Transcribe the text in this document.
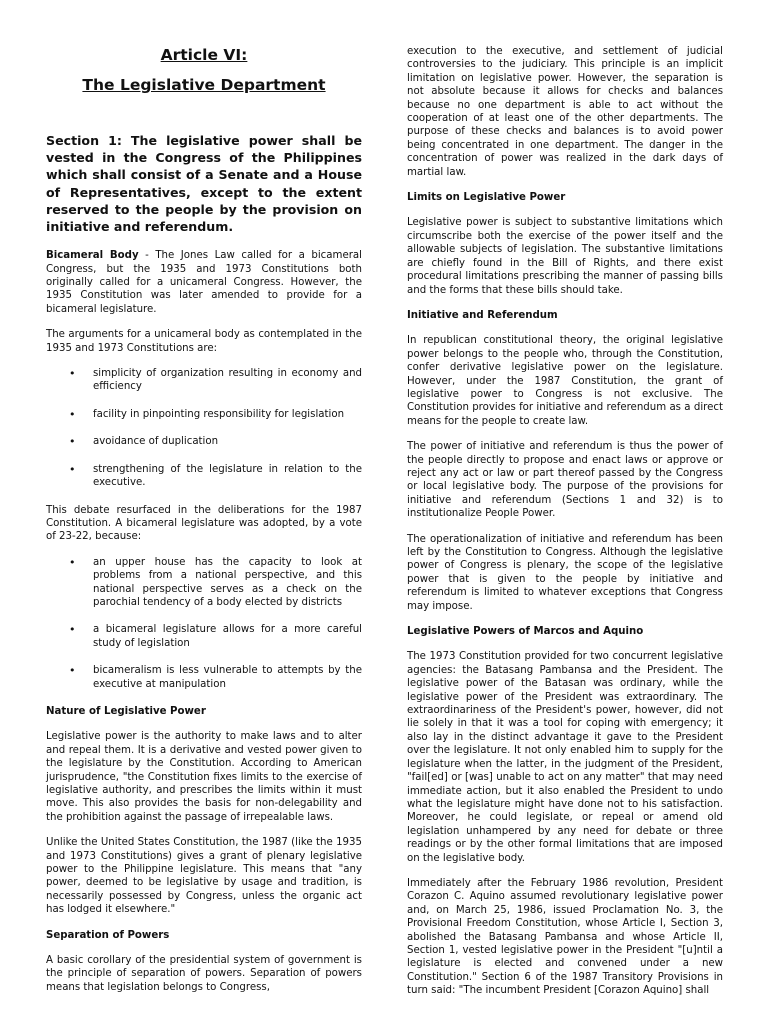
Article VI:
The Legislative Department
Section 1: The legislative power shall be vested in the Congress of the Philippines which shall consist of a Senate and a House of Representatives, except to the extent reserved to the people by the provision on initiative and referendum.

Bicameral Body - The Jones Law called for a bicameral Congress, but the 1935 and 1973 Constitutions both originally called for a unicameral Congress. However, the 1935 Constitution was later amended to provide for a bicameral legislature.

The arguments for a unicameral body as contemplated in the 1935 and 1973 Constitutions are:

• simplicity of organization resulting in economy and efficiency
• facility in pinpointing responsibility for legislation
• avoidance of duplication
• strengthening of the legislature in relation to the executive.

This debate resurfaced in the deliberations for the 1987 Constitution. A bicameral legislature was adopted, by a vote of 23-22, because:

• an upper house has the capacity to look at problems from a national perspective, and this national perspective serves as a check on the parochial tendency of a body elected by districts
• a bicameral legislature allows for a more careful study of legislation
• bicameralism is less vulnerable to attempts by the executive at manipulation
Nature of Legislative Power

Legislative power is the authority to make laws and to alter and repeal them. It is a derivative and vested power given to the legislature by the Constitution. According to American jurisprudence, "the Constitution fixes limits to the exercise of legislative authority, and prescribes the limits within it must move. This also provides the basis for non-delegability and the prohibition against the passage of irrepealable laws.

Unlike the United States Constitution, the 1987 (like the 1935 and 1973 Constitutions) gives a grant of plenary legislative power to the Philippine legislature. This means that "any power, deemed to be legislative by usage and tradition, is necessarily possessed by Congress, unless the organic act has lodged it elsewhere."

Separation of Powers

A basic corollary of the presidential system of government is the principle of separation of powers. Separation of powers means that legislation belongs to Congress,

execution to the executive, and settlement of judicial controversies to the judiciary. This principle is an implicit limitation on legislative power. However, the separation is not absolute because it allows for checks and balances because no one department is able to act without the cooperation of at least one of the other departments. The purpose of these checks and balances is to avoid power being concentrated in one department. The danger in the concentration of power was realized in the dark days of martial law.

Limits on Legislative Power

Legislative power is subject to substantive limitations which circumscribe both the exercise of the power itself and the allowable subjects of legislation. The substantive limitations are chiefly found in the Bill of Rights, and there exist procedural limitations prescribing the manner of passing bills and the forms that these bills should take.

Initiative and Referendum

In republican constitutional theory, the original legislative power belongs to the people who, through the Constitution, confer derivative legislative power on the legislature. However, under the 1987 Constitution, the grant of legislative power to Congress is not exclusive. The Constitution provides for initiative and referendum as a direct means for the people to create law.

The power of initiative and referendum is thus the power of the people directly to propose and enact laws or approve or reject any act or law or part thereof passed by the Congress or local legislative body. The purpose of the provisions for initiative and referendum (Sections 1 and 32) is to institutionalize People Power.

The operationalization of initiative and referendum has been left by the Constitution to Congress. Although the legislative power of Congress is plenary, the scope of the legislative power that is given to the people by initiative and referendum is limited to whatever exceptions that Congress may impose.

Legislative Powers of Marcos and Aquino

The 1973 Constitution provided for two concurrent legislative agencies: the Batasang Pambansa and the President. The legislative power of the Batasan was ordinary, while the legislative power of the President was extraordinary. The extraordinariness of the President's power, however, did not lie solely in that it was a tool for coping with emergency; it also lay in the distinct advantage it gave to the President over the legislature. It not only enabled him to supply for the legislature when the latter, in the judgment of the President, "fail[ed] or [was] unable to act on any matter" that may need immediate action, but it also enabled the President to undo what the legislature might have done not to his satisfaction. Moreover, he could legislate, or repeal or amend old legislation unhampered by any need for debate or three readings or by the other formal limitations that are imposed on the legislative body.

Immediately after the February 1986 revolution, President Corazon C. Aquino assumed revolutionary legislative power and, on March 25, 1986, issued Proclamation No. 3, the Provisional Freedom Constitution, whose Article I, Section 3, abolished the Batasang Pambansa and whose Article II, Section 1, vested legislative power in the President "[u]ntil a legislature is elected and convened under a new Constitution." Section 6 of the 1987 Transitory Provisions in turn said: "The incumbent President [Corazon Aquino] shall
